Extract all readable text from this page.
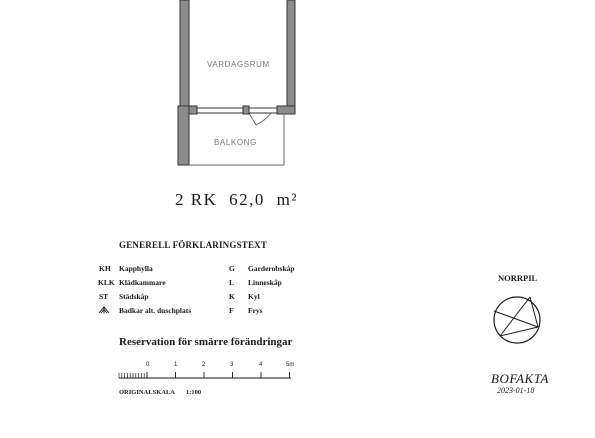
VARDAGSRUM
BALKONG
2 RK 62,0 m²
GENERELL FÖRKLARINGSTEXT
KH Kapphylla
KLK Klädkammare
ST Städskåp
Badkar alt. duschplats
G Garderobskåp
L Linneskåp
K Kyl
F Frys
Reservation för smärre förändringar
0	1	2	3	4	5m
ORIGINALSKALA 1:100
NORRPIL
BOFAKTA
2023-01-18
